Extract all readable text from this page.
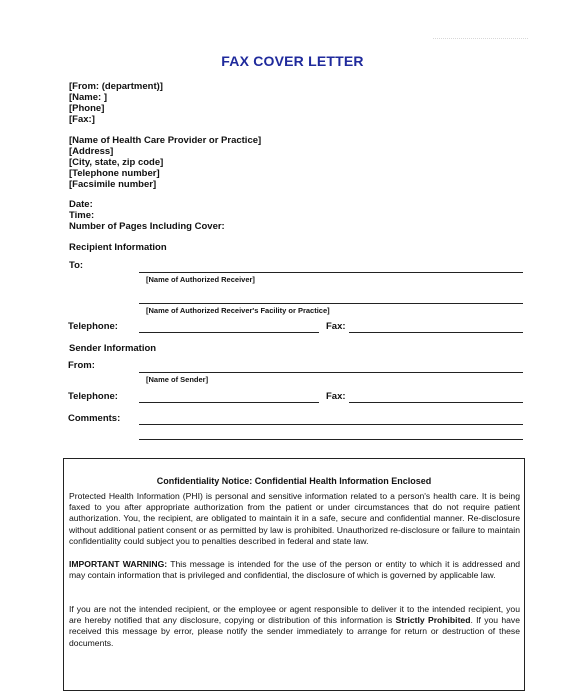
FAX COVER LETTER
[From: (department)]
[Name: ]
[Phone]
[Fax:]
[Name of Health Care Provider or Practice]
[Address]
[City, state, zip code]
[Telephone number]
[Facsimile number]
Date:
Time:
Number of Pages Including Cover:
Recipient Information
To:
[Name of Authorized Receiver]
[Name of Authorized Receiver's Facility or Practice]
Telephone:	Fax:
Sender Information
From:
[Name of Sender]
Telephone:	Fax:
Comments:
Confidentiality Notice: Confidential Health Information Enclosed
Protected Health Information (PHI) is personal and sensitive information related to a person's health care. It is being faxed to you after appropriate authorization from the patient or under circumstances that do not require patient authorization. You, the recipient, are obligated to maintain it in a safe, secure and confidential manner. Re-disclosure without additional patient consent or as permitted by law is prohibited. Unauthorized re-disclosure or failure to maintain confidentiality could subject you to penalties described in federal and state law.
IMPORTANT WARNING: This message is intended for the use of the person or entity to which it is addressed and may contain information that is privileged and confidential, the disclosure of which is governed by applicable law.
If you are not the intended recipient, or the employee or agent responsible to deliver it to the intended recipient, you are hereby notified that any disclosure, copying or distribution of this information is Strictly Prohibited. If you have received this message by error, please notify the sender immediately to arrange for return or destruction of these documents.
